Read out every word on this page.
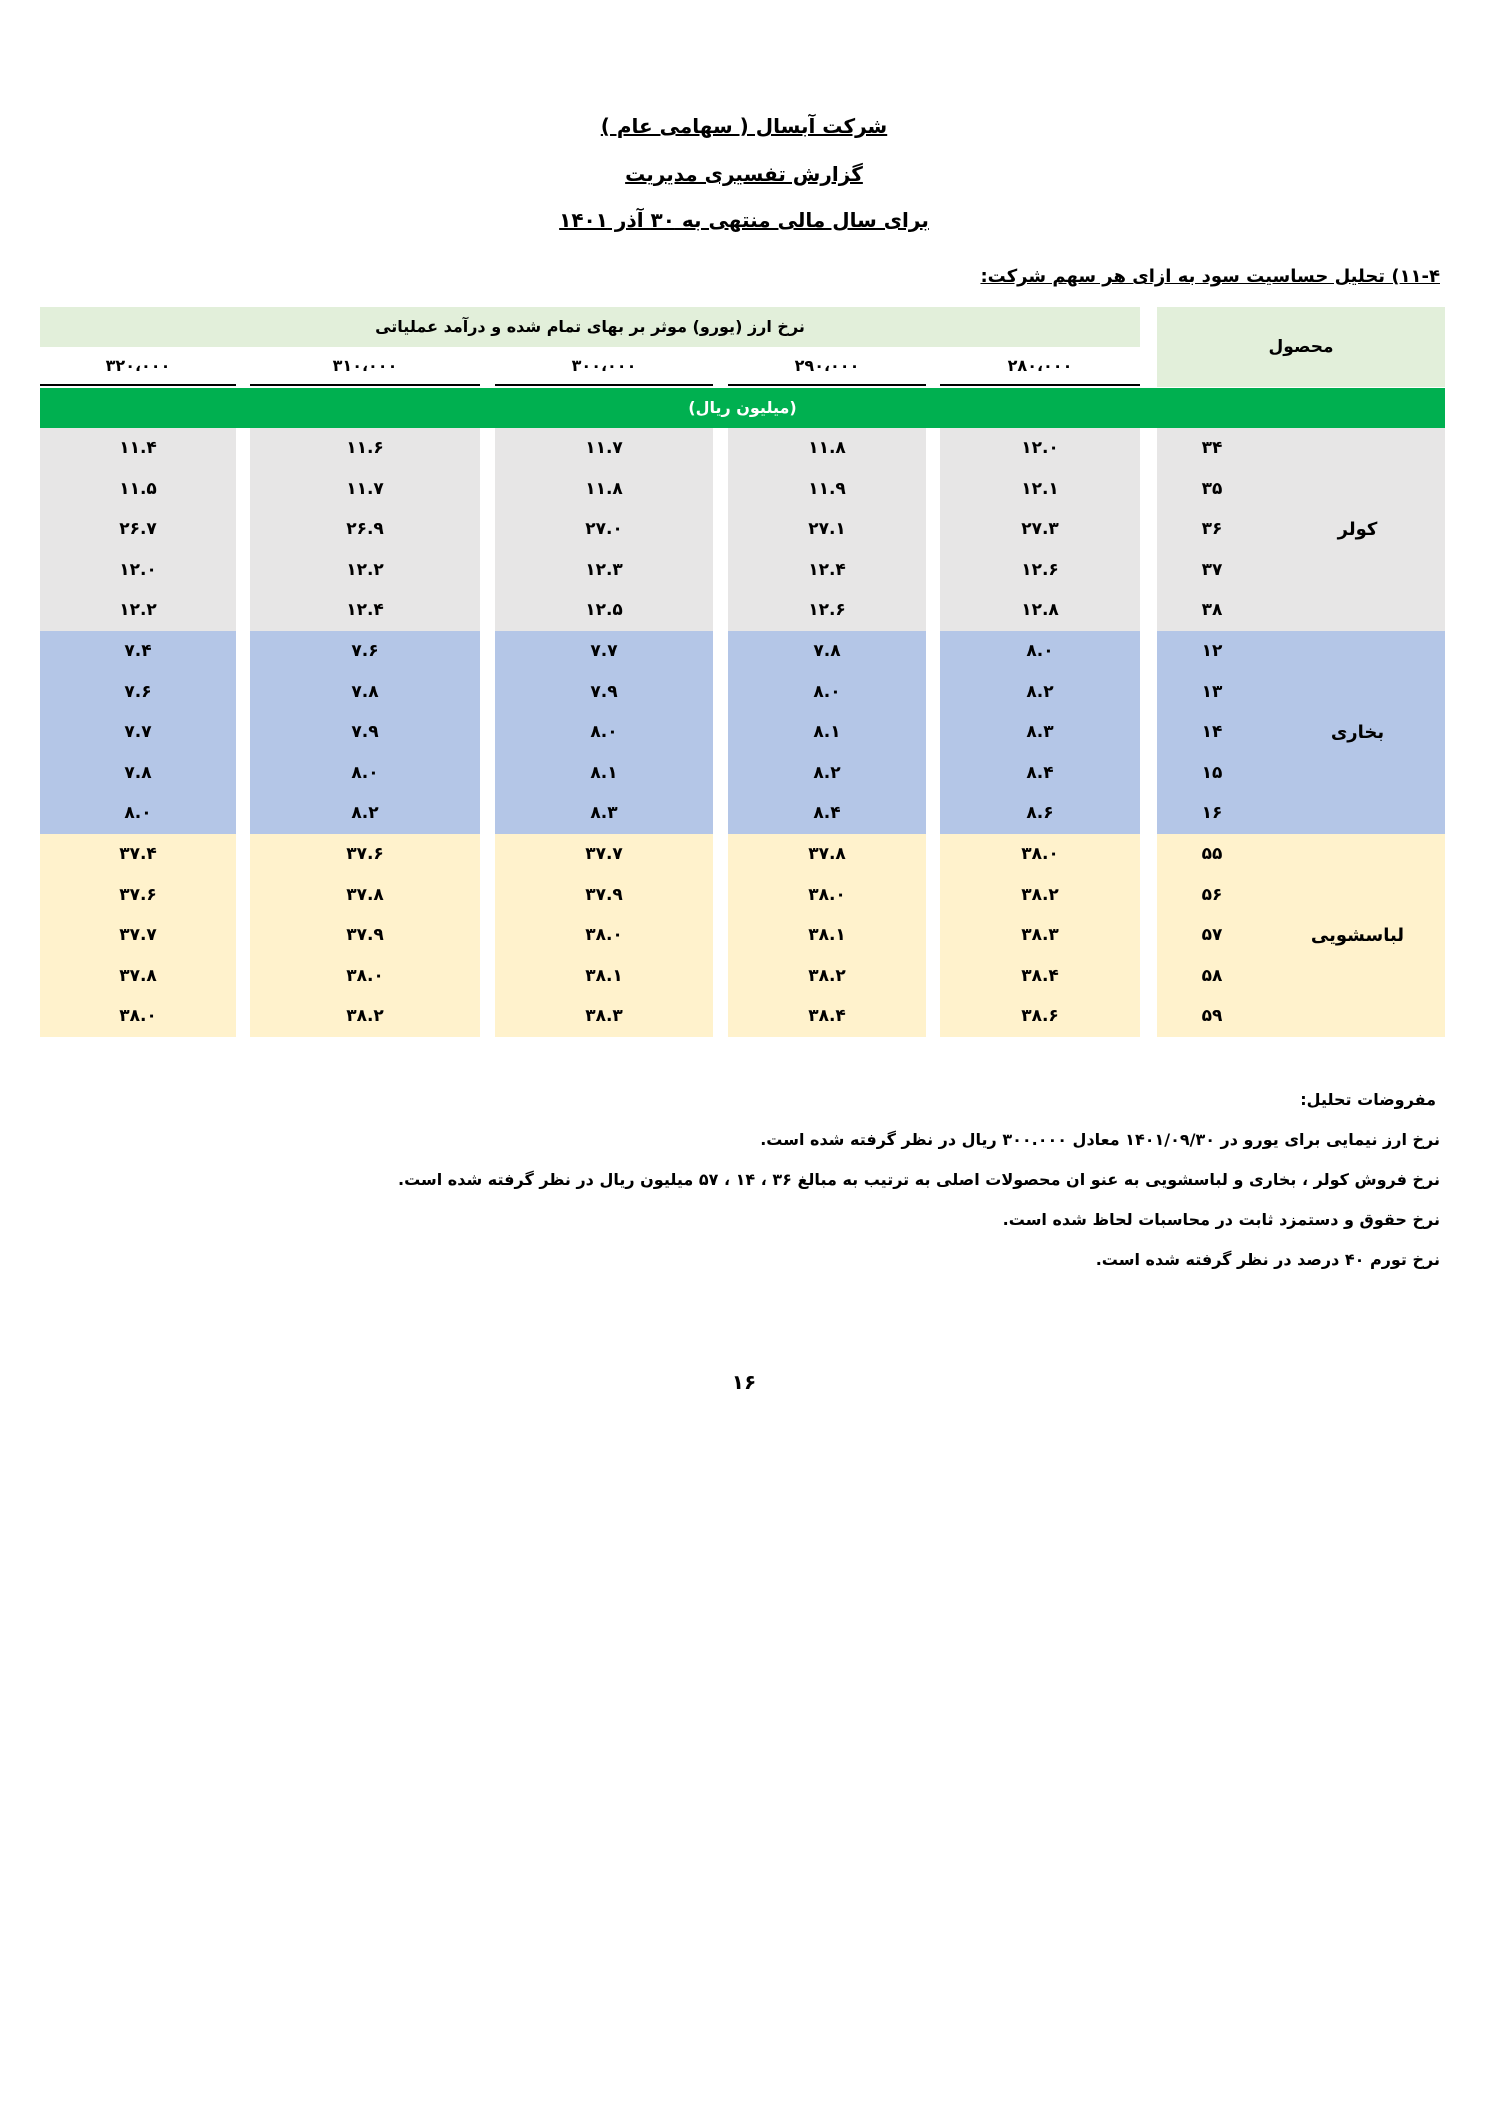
شرکت آبسال ( سهامی عام )
گزارش تفسیری مدیریت
برای سال مالی منتهی به ۳۰ آذر ۱۴۰۱
۱۱-۴) تحلیل حساسیت سود به ازای هر سهم شرکت:
محصول
نرخ ارز (یورو) موثر بر بهای تمام شده و درآمد عملیاتی
۲۸۰،۰۰۰
۲۹۰،۰۰۰
۳۰۰،۰۰۰
۳۱۰،۰۰۰
۳۲۰،۰۰۰
(میلیون ریال)
کولر
۳۴
۱۲.۰
۱۱.۸
۱۱.۷
۱۱.۶
۱۱.۴
۳۵
۱۲.۱
۱۱.۹
۱۱.۸
۱۱.۷
۱۱.۵
۳۶
۲۷.۳
۲۷.۱
۲۷.۰
۲۶.۹
۲۶.۷
۳۷
۱۲.۶
۱۲.۴
۱۲.۳
۱۲.۲
۱۲.۰
۳۸
۱۲.۸
۱۲.۶
۱۲.۵
۱۲.۴
۱۲.۲
بخاری
۱۲
۸.۰
۷.۸
۷.۷
۷.۶
۷.۴
۱۳
۸.۲
۸.۰
۷.۹
۷.۸
۷.۶
۱۴
۸.۳
۸.۱
۸.۰
۷.۹
۷.۷
۱۵
۸.۴
۸.۲
۸.۱
۸.۰
۷.۸
۱۶
۸.۶
۸.۴
۸.۳
۸.۲
۸.۰
لباسشویی
۵۵
۳۸.۰
۳۷.۸
۳۷.۷
۳۷.۶
۳۷.۴
۵۶
۳۸.۲
۳۸.۰
۳۷.۹
۳۷.۸
۳۷.۶
۵۷
۳۸.۳
۳۸.۱
۳۸.۰
۳۷.۹
۳۷.۷
۵۸
۳۸.۴
۳۸.۲
۳۸.۱
۳۸.۰
۳۷.۸
۵۹
۳۸.۶
۳۸.۴
۳۸.۳
۳۸.۲
۳۸.۰
مفروضات تحلیل:
نرخ ارز نیمایی برای یورو در ۱۴۰۱/۰۹/۳۰ معادل ۳۰۰.۰۰۰ ریال در نظر گرفته شده است.
نرخ فروش کولر ، بخاری و لباسشویی به عنو ان محصولات اصلی به ترتیب به مبالغ ۳۶ ، ۱۴ ، ۵۷ میلیون ریال در نظر گرفته شده است.
نرخ حقوق و دستمزد ثابت در محاسبات لحاظ شده است.
نرخ تورم ۴۰ درصد در نظر گرفته شده است.
۱۶
